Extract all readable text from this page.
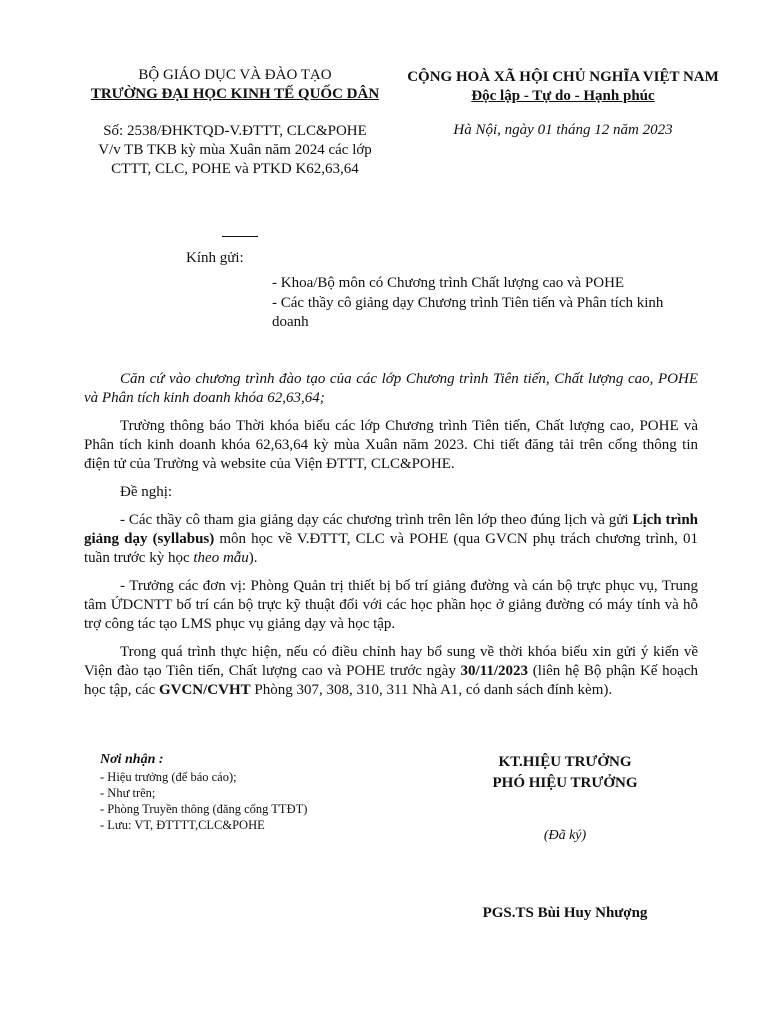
BỘ GIÁO DỤC VÀ ĐÀO TẠO
TRƯỜNG ĐẠI HỌC KINH TẾ QUỐC DÂN
CỘNG HOÀ XÃ HỘI CHỦ NGHĨA VIỆT NAM
Độc lập - Tự do - Hạnh phúc
Số: 2538/ĐHKTQD-V.ĐTTT, CLC&POHE
V/v TB TKB kỳ mùa Xuân năm 2024 các lớp
CTTT, CLC, POHE và PTKD K62,63,64
Hà Nội, ngày 01 tháng 12 năm 2023
Kính gửi:
- Khoa/Bộ môn có Chương trình Chất lượng cao và POHE
- Các thầy cô giảng dạy Chương trình Tiên tiến và Phân tích kinh doanh

Căn cứ vào chương trình đào tạo của các lớp Chương trình Tiên tiến, Chất lượng cao, POHE và Phân tích kinh doanh khóa 62,63,64;

Trường thông báo Thời khóa biểu các lớp Chương trình Tiên tiến, Chất lượng cao, POHE và Phân tích kinh doanh khóa 62,63,64 kỳ mùa Xuân năm 2023. Chi tiết đăng tải trên cổng thông tin điện tử của Trường và website của Viện ĐTTT, CLC&POHE.

Đề nghị:

- Các thầy cô tham gia giảng dạy các chương trình trên lên lớp theo đúng lịch và gửi Lịch trình giảng dạy (syllabus) môn học về V.ĐTTT, CLC và POHE (qua GVCN phụ trách chương trình, 01 tuần trước kỳ học theo mẫu).

- Trưởng các đơn vị: Phòng Quản trị thiết bị bố trí giảng đường và cán bộ trực phục vụ, Trung tâm ỨDCNTT bố trí cán bộ trực kỹ thuật đối với các học phần học ở giảng đường có máy tính và hỗ trợ công tác tạo LMS phục vụ giảng dạy và học tập.

Trong quá trình thực hiện, nếu có điều chỉnh hay bổ sung về thời khóa biểu xin gửi ý kiến về Viện đào tạo Tiên tiến, Chất lượng cao và POHE trước ngày 30/11/2023 (liên hệ Bộ phận Kế hoạch học tập, các GVCN/CVHT Phòng 307, 308, 310, 311 Nhà A1, có danh sách đính kèm).

Nơi nhận :
- Hiệu trưởng (để báo cáo);
- Như trên;
- Phòng Truyền thông (đăng cổng TTĐT)
- Lưu: VT, ĐTTTT,CLC&POHE
KT.HIỆU TRƯỞNG
PHÓ HIỆU TRƯỞNG
(Đã ký)
PGS.TS Bùi Huy Nhượng
